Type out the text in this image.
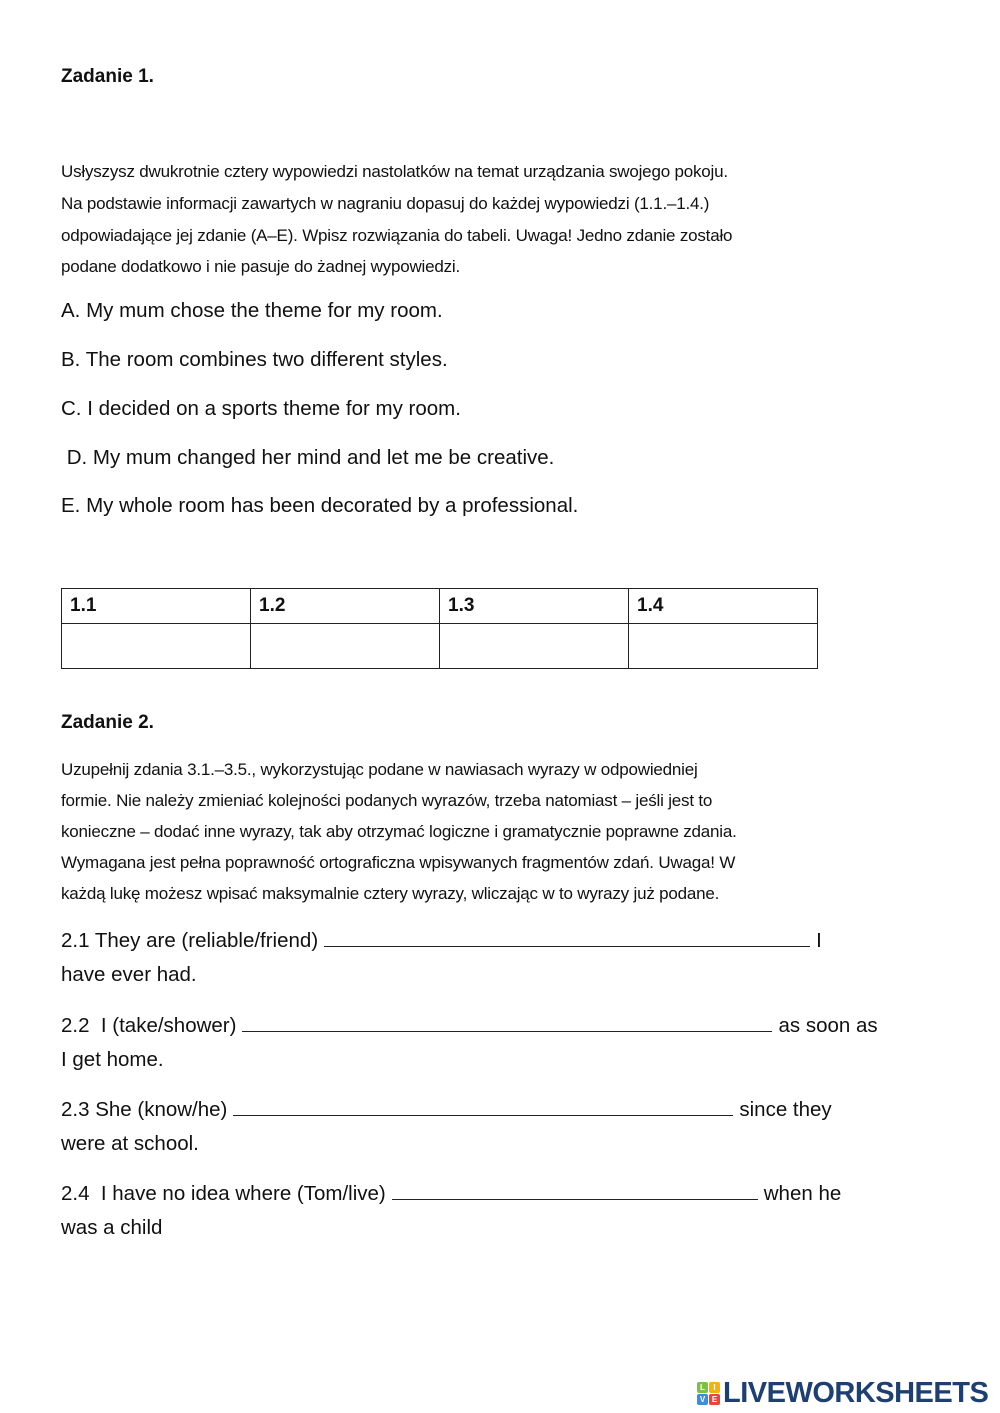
Zadanie 1.
Usłyszysz dwukrotnie cztery wypowiedzi nastolatków na temat urządzania swojego pokoju.
Na podstawie informacji zawartych w nagraniu dopasuj do każdej wypowiedzi (1.1.–1.4.)
odpowiadające jej zdanie (A–E). Wpisz rozwiązania do tabeli. Uwaga! Jedno zdanie zostało
podane dodatkowo i nie pasuje do żadnej wypowiedzi.
A. My mum chose the theme for my room.
B. The room combines two different styles.
C. I decided on a sports theme for my room.
D. My mum changed her mind and let me be creative.
E. My whole room has been decorated by a professional.
1.1	1.2	1.3	1.4

Zadanie 2.
Uzupełnij zdania 3.1.–3.5., wykorzystując podane w nawiasach wyrazy w odpowiedniej
formie. Nie należy zmieniać kolejności podanych wyrazów, trzeba natomiast – jeśli jest to
konieczne – dodać inne wyrazy, tak aby otrzymać logiczne i gramatycznie poprawne zdania.
Wymagana jest pełna poprawność ortograficzna wpisywanych fragmentów zdań. Uwaga! W
każdą lukę możesz wpisać maksymalnie cztery wyrazy, wliczając w to wyrazy już podane.
2.1 They are (reliable/friend)	I
have ever had.
2.2  I (take/shower)	as soon as
I get home.
2.3 She (know/he)	since they
were at school.
2.4  I have no idea where (Tom/live)	when he
was a child
L	I
V E LIVEWORKSHEETS
